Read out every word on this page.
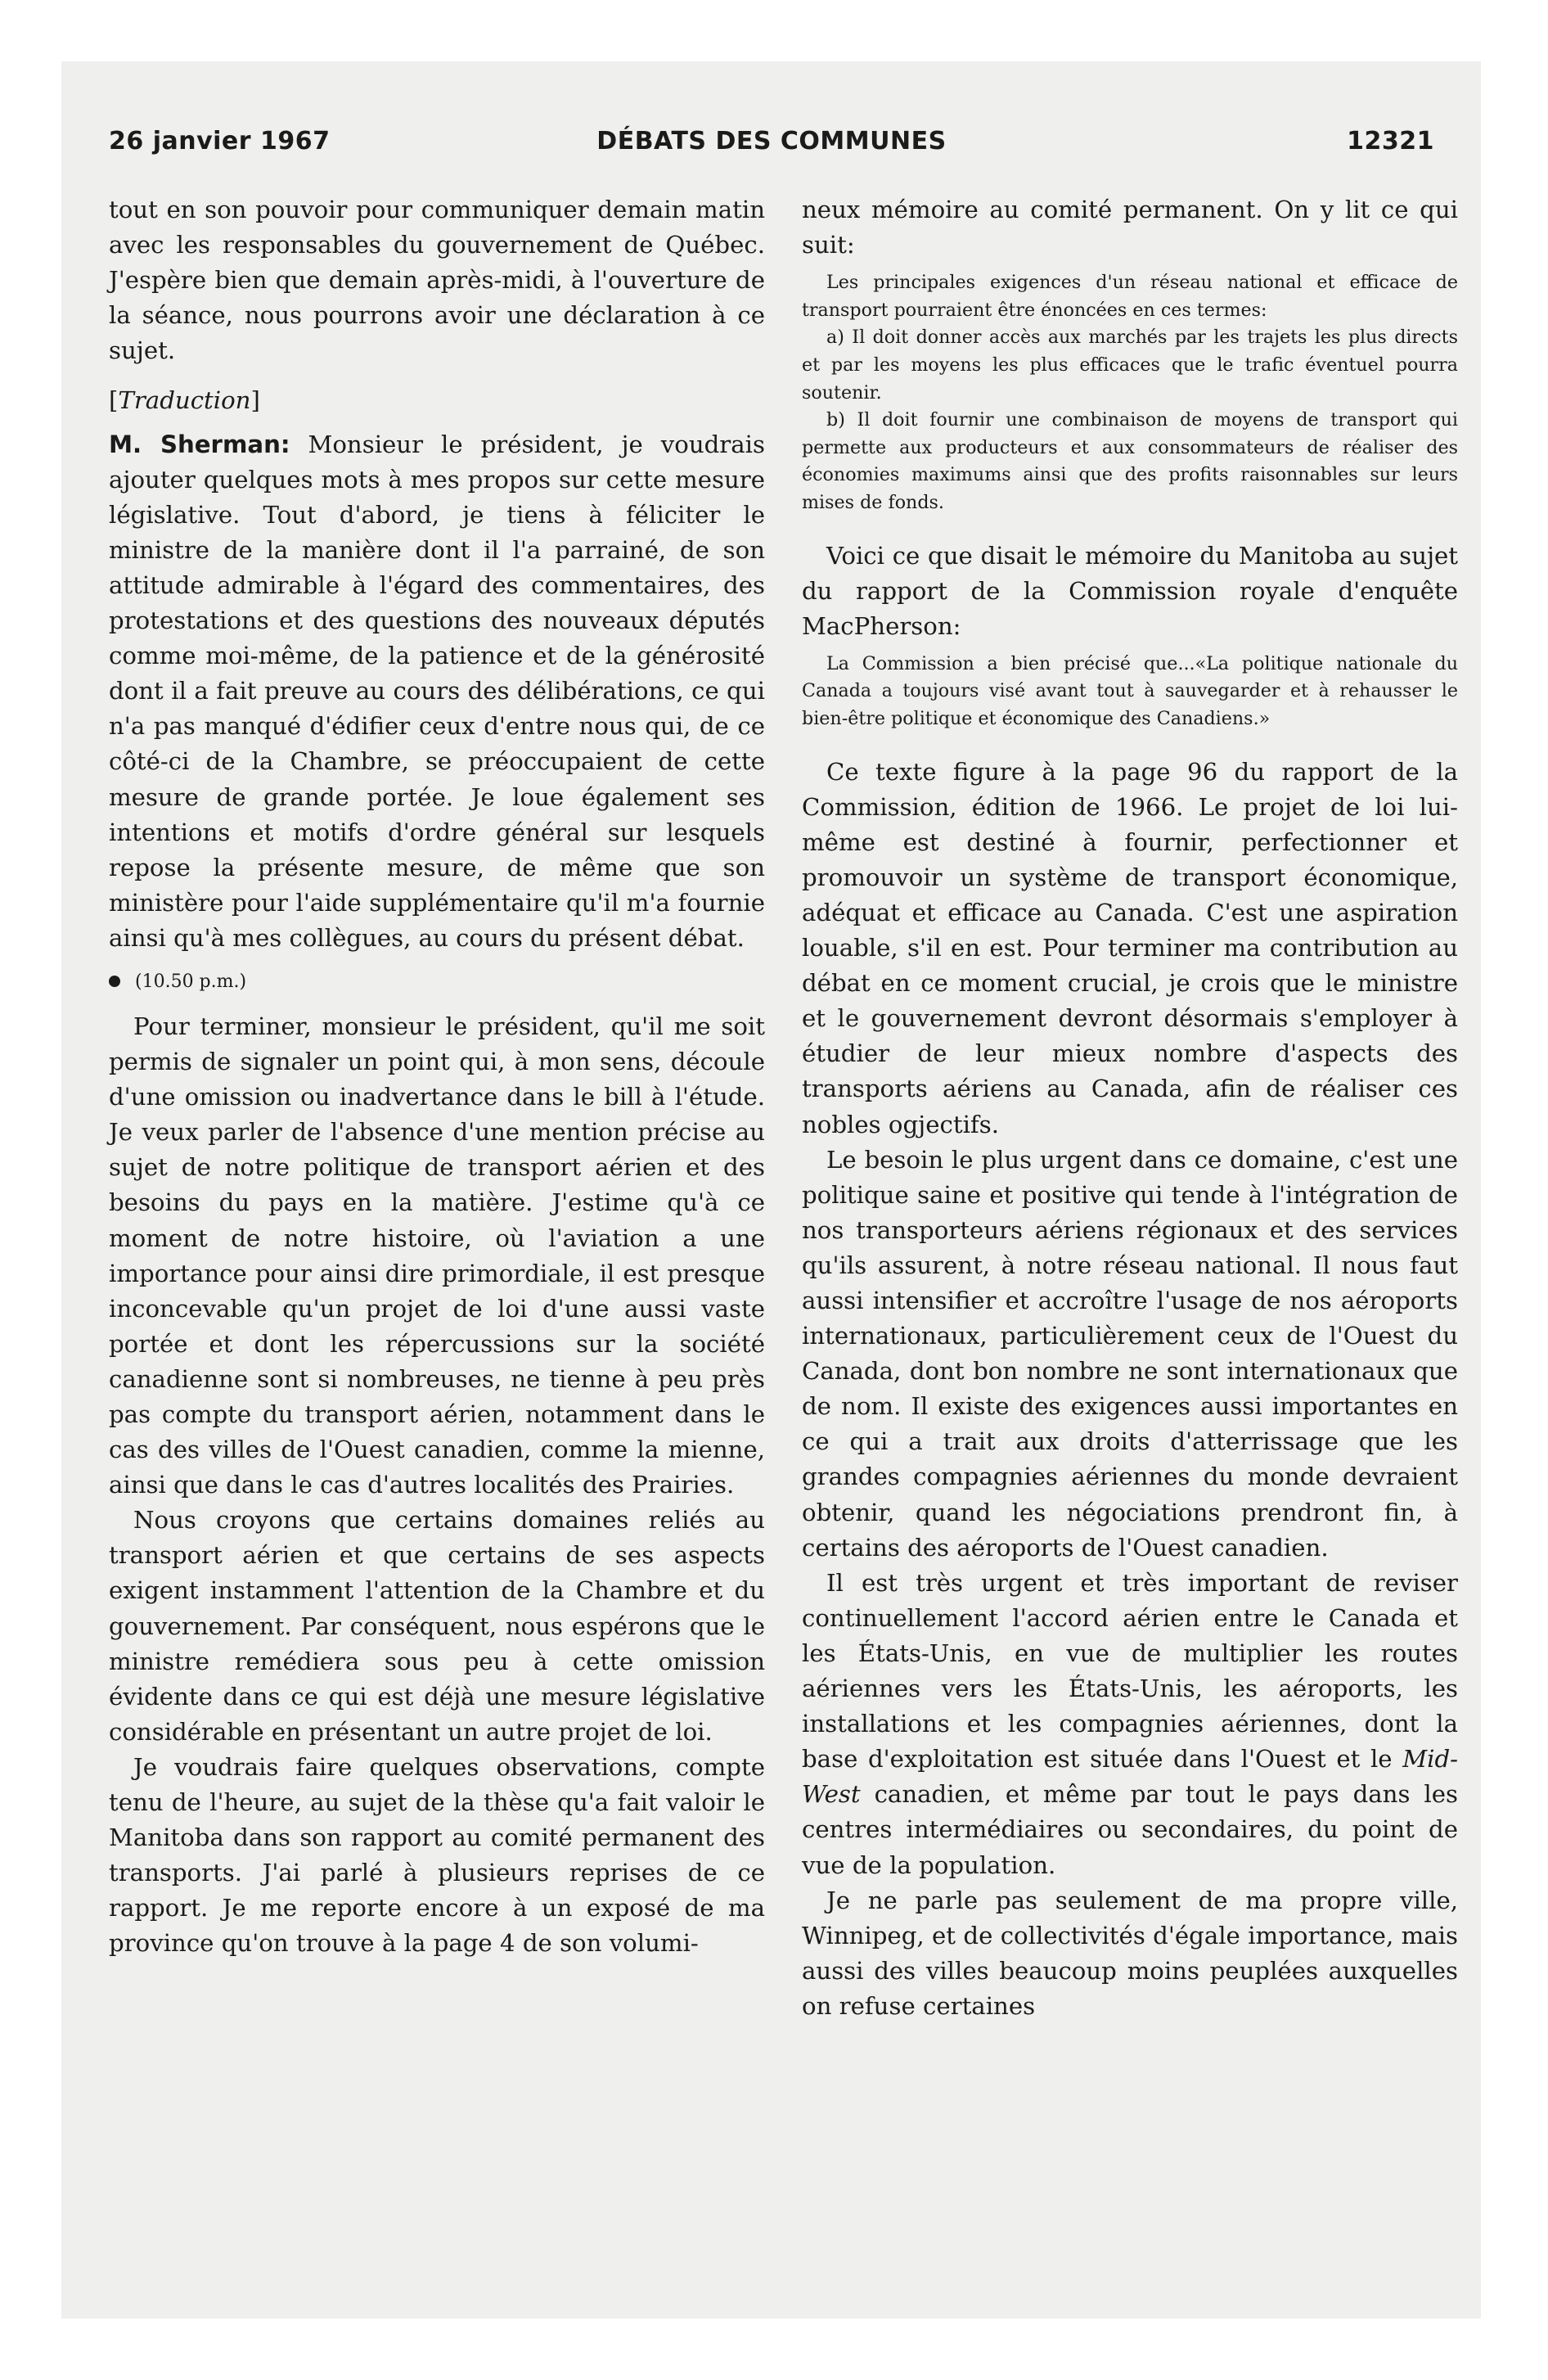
26 janvier 1967	DÉBATS DES COMMUNES	12321

tout en son pouvoir pour communiquer demain matin avec les responsables du gouvernement de Québec. J'espère bien que demain après-midi, à l'ouverture de la séance, nous pourrons avoir une déclaration à ce sujet.

[Traduction]

M. Sherman: Monsieur le président, je voudrais ajouter quelques mots à mes propos sur cette mesure législative. Tout d'abord, je tiens à féliciter le ministre de la manière dont il l'a parrainé, de son attitude admirable à l'égard des commentaires, des protestations et des questions des nouveaux députés comme moi-même, de la patience et de la générosité dont il a fait preuve au cours des délibérations, ce qui n'a pas manqué d'édifier ceux d'entre nous qui, de ce côté-ci de la Chambre, se préoccupaient de cette mesure de grande portée. Je loue également ses intentions et motifs d'ordre général sur lesquels repose la présente mesure, de même que son ministère pour l'aide supplémentaire qu'il m'a fournie ainsi qu'à mes collègues, au cours du présent débat.

(10.50 p.m.)

Pour terminer, monsieur le président, qu'il me soit permis de signaler un point qui, à mon sens, découle d'une omission ou inadvertance dans le bill à l'étude. Je veux parler de l'absence d'une mention précise au sujet de notre politique de transport aérien et des besoins du pays en la matière. J'estime qu'à ce moment de notre histoire, où l'aviation a une importance pour ainsi dire primordiale, il est presque inconcevable qu'un projet de loi d'une aussi vaste portée et dont les répercussions sur la société canadienne sont si nombreuses, ne tienne à peu près pas compte du transport aérien, notamment dans le cas des villes de l'Ouest canadien, comme la mienne, ainsi que dans le cas d'autres localités des Prairies.

Nous croyons que certains domaines reliés au transport aérien et que certains de ses aspects exigent instamment l'attention de la Chambre et du gouvernement. Par conséquent, nous espérons que le ministre remédiera sous peu à cette omission évidente dans ce qui est déjà une mesure législative considérable en présentant un autre projet de loi.

Je voudrais faire quelques observations, compte tenu de l'heure, au sujet de la thèse qu'a fait valoir le Manitoba dans son rapport au comité permanent des transports. J'ai parlé à plusieurs reprises de ce rapport. Je me reporte encore à un exposé de ma province qu'on trouve à la page 4 de son volumi-

neux mémoire au comité permanent. On y lit ce qui suit:

Les principales exigences d'un réseau national et efficace de transport pourraient être énoncées en ces termes:

a) Il doit donner accès aux marchés par les trajets les plus directs et par les moyens les plus efficaces que le trafic éventuel pourra soutenir.

b) Il doit fournir une combinaison de moyens de transport qui permette aux producteurs et aux consommateurs de réaliser des économies maximums ainsi que des profits raisonnables sur leurs mises de fonds.

Voici ce que disait le mémoire du Manitoba au sujet du rapport de la Commission royale d'enquête MacPherson:

La Commission a bien précisé que...«La politique nationale du Canada a toujours visé avant tout à sauvegarder et à rehausser le bien-être politique et économique des Canadiens.»

Ce texte figure à la page 96 du rapport de la Commission, édition de 1966. Le projet de loi lui-même est destiné à fournir, perfectionner et promouvoir un système de transport économique, adéquat et efficace au Canada. C'est une aspiration louable, s'il en est. Pour terminer ma contribution au débat en ce moment crucial, je crois que le ministre et le gouvernement devront désormais s'employer à étudier de leur mieux nombre d'aspects des transports aériens au Canada, afin de réaliser ces nobles ogjectifs.

Le besoin le plus urgent dans ce domaine, c'est une politique saine et positive qui tende à l'intégration de nos transporteurs aériens régionaux et des services qu'ils assurent, à notre réseau national. Il nous faut aussi intensifier et accroître l'usage de nos aéroports internationaux, particulièrement ceux de l'Ouest du Canada, dont bon nombre ne sont internationaux que de nom. Il existe des exigences aussi importantes en ce qui a trait aux droits d'atterrissage que les grandes compagnies aériennes du monde devraient obtenir, quand les négociations prendront fin, à certains des aéroports de l'Ouest canadien.

Il est très urgent et très important de reviser continuellement l'accord aérien entre le Canada et les États-Unis, en vue de multiplier les routes aériennes vers les États-Unis, les aéroports, les installations et les compagnies aériennes, dont la base d'exploitation est située dans l'Ouest et le Mid-West canadien, et même par tout le pays dans les centres intermédiaires ou secondaires, du point de vue de la population.

Je ne parle pas seulement de ma propre ville, Winnipeg, et de collectivités d'égale importance, mais aussi des villes beaucoup moins peuplées auxquelles on refuse certaines
